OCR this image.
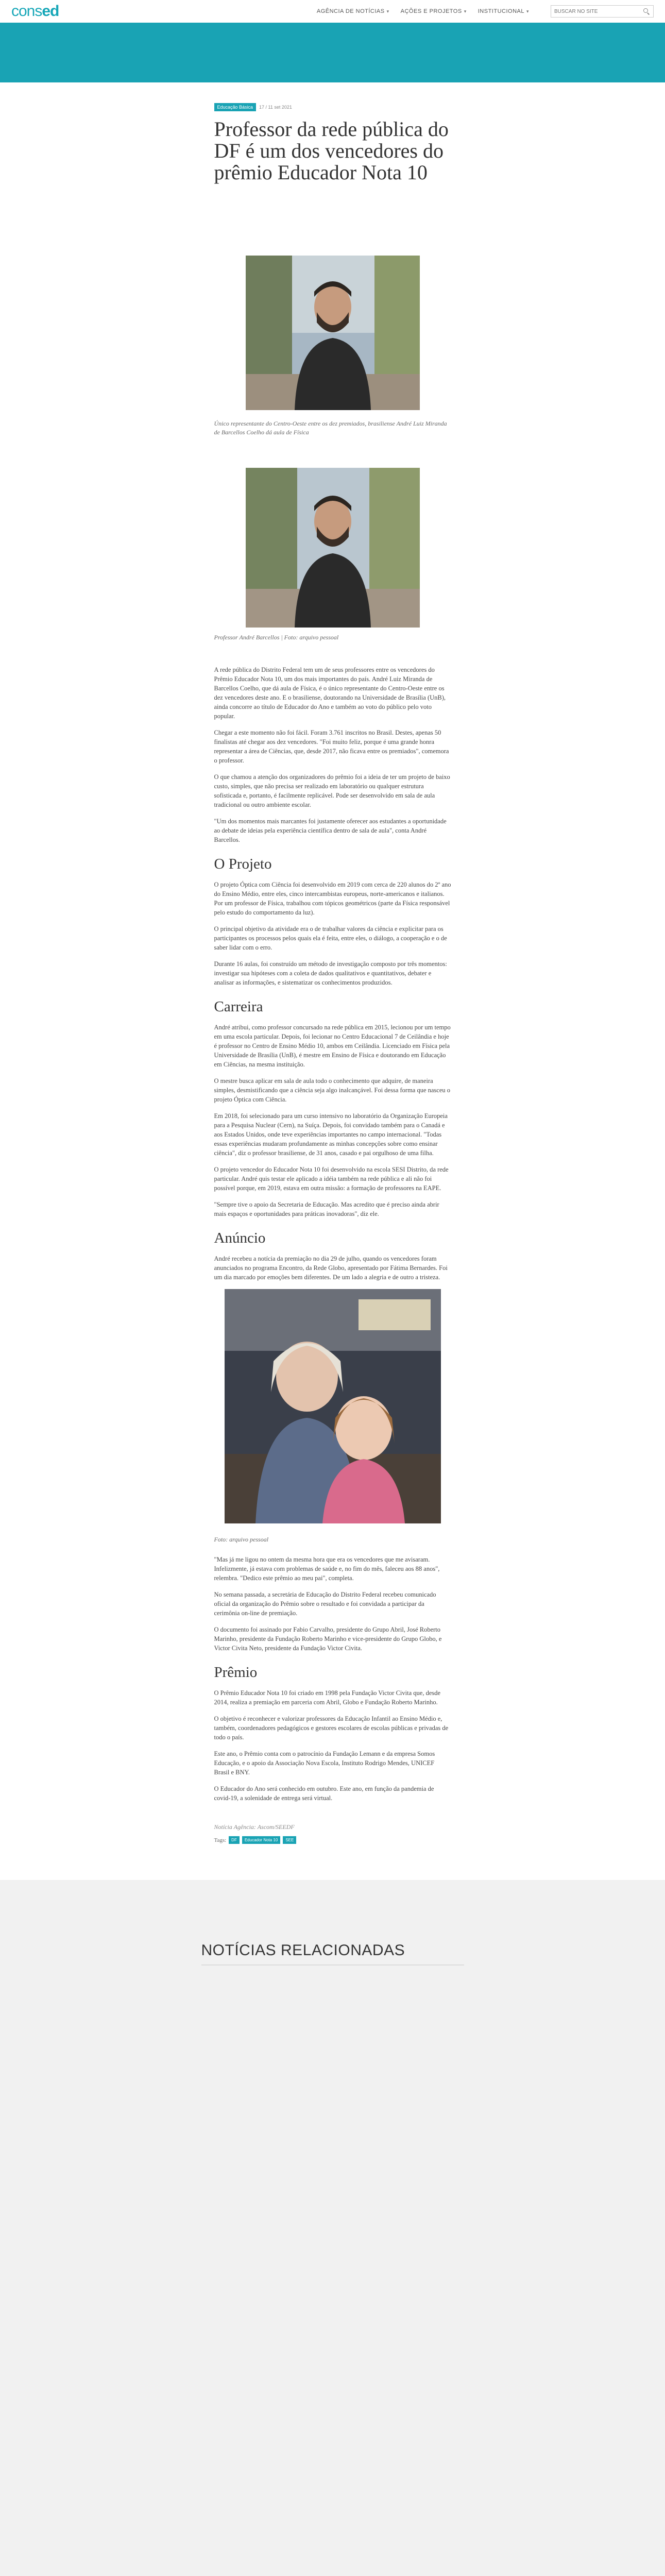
consed	AGÊNCIA DE NOTÍCIAS ▾ AÇÕES E PROJETOS ▾ INSTITUCIONAL ▾
BUSCAR NO SITE
Educação Básica	17 / 11 set 2021
Professor da rede pública do DF é um dos vencedores do prêmio Educador Nota 10

Único representante do Centro-Oeste entre os dez premiados, brasiliense André Luiz Miranda de Barcellos Coelho dá aula de Física

Professor André Barcellos | Foto: arquivo pessoal

A rede pública do Distrito Federal tem um de seus professores entre os vencedores do Prêmio Educador Nota 10, um dos mais importantes do país. André Luiz Miranda de Barcellos Coelho, que dá aula de Física, é o único representante do Centro-Oeste entre os dez vencedores deste ano. E o brasiliense, doutorando na Universidade de Brasília (UnB), ainda concorre ao título de Educador do Ano e também ao voto do público pelo voto popular.

Chegar a este momento não foi fácil. Foram 3.761 inscritos no Brasil. Destes, apenas 50 finalistas até chegar aos dez vencedores. "Foi muito feliz, porque é uma grande honra representar a área de Ciências, que, desde 2017, não ficava entre os premiados", comemora o professor.

O que chamou a atenção dos organizadores do prêmio foi a ideia de ter um projeto de baixo custo, simples, que não precisa ser realizado em laboratório ou qualquer estrutura sofisticada e, portanto, é facilmente replicável. Pode ser desenvolvido em sala de aula tradicional ou outro ambiente escolar.

"Um dos momentos mais marcantes foi justamente oferecer aos estudantes a oportunidade ao debate de ideias pela experiência científica dentro de sala de aula", conta André Barcellos.

O Projeto

O projeto Óptica com Ciência foi desenvolvido em 2019 com cerca de 220 alunos do 2º ano do Ensino Médio, entre eles, cinco intercambistas europeus, norte-americanos e italianos. Por um professor de Física, trabalhou com tópicos geométricos (parte da Física responsável pelo estudo do comportamento da luz).

O principal objetivo da atividade era o de trabalhar valores da ciência e explicitar para os participantes os processos pelos quais ela é feita, entre eles, o diálogo, a cooperação e o de saber lidar com o erro.

Durante 16 aulas, foi construído um método de investigação composto por três momentos: investigar sua hipóteses com a coleta de dados qualitativos e quantitativos, debater e analisar as informações, e sistematizar os conhecimentos produzidos.

Carreira

André atribui, como professor concursado na rede pública em 2015, lecionou por um tempo em uma escola particular. Depois, foi lecionar no Centro Educacional 7 de Ceilândia e hoje é professor no Centro de Ensino Médio 10, ambos em Ceilândia. Licenciado em Física pela Universidade de Brasília (UnB), é mestre em Ensino de Física e doutorando em Educação em Ciências, na mesma instituição.

O mestre busca aplicar em sala de aula todo o conhecimento que adquire, de maneira simples, desmistificando que a ciência seja algo inalcançável. Foi dessa forma que nasceu o projeto Óptica com Ciência.

Em 2018, foi selecionado para um curso intensivo no laboratório da Organização Europeia para a Pesquisa Nuclear (Cern), na Suíça. Depois, foi convidado também para o Canadá e aos Estados Unidos, onde teve experiências importantes no campo internacional. "Todas essas experiências mudaram profundamente as minhas concepções sobre como ensinar ciência", diz o professor brasiliense, de 31 anos, casado e pai orgulhoso de uma filha.

O projeto vencedor do Educador Nota 10 foi desenvolvido na escola SESI Distrito, da rede particular. André quis testar ele aplicado a idéia também na rede pública e ali não foi possível porque, em 2019, estava em outra missão: a formação de professores na EAPE.

"Sempre tive o apoio da Secretaria de Educação. Mas acredito que é preciso ainda abrir mais espaços e oportunidades para práticas inovadoras", diz ele.

Anúncio

André recebeu a notícia da premiação no dia 29 de julho, quando os vencedores foram anunciados no programa Encontro, da Rede Globo, apresentado por Fátima Bernardes. Foi um dia marcado por emoções bem diferentes. De um lado a alegria e de outro a tristeza.

Foto: arquivo pessoal

"Mas já me ligou no ontem da mesma hora que era os vencedores que me avisaram. Infelizmente, já estava com problemas de saúde e, no fim do mês, faleceu aos 88 anos", relembra. "Dedico este prêmio ao meu pai", completa.

No semana passada, a secretária de Educação do Distrito Federal recebeu comunicado oficial da organização do Prêmio sobre o resultado e foi convidada a participar da cerimônia on-line de premiação.

O documento foi assinado por Fabio Carvalho, presidente do Grupo Abril, José Roberto Marinho, presidente da Fundação Roberto Marinho e vice-presidente do Grupo Globo, e Victor Civita Neto, presidente da Fundação Victor Civita.

Prêmio

O Prêmio Educador Nota 10 foi criado em 1998 pela Fundação Victor Civita que, desde 2014, realiza a premiação em parceria com Abril, Globo e Fundação Roberto Marinho.

O objetivo é reconhecer e valorizar professores da Educação Infantil ao Ensino Médio e, também, coordenadores pedagógicos e gestores escolares de escolas públicas e privadas de todo o país.

Este ano, o Prêmio conta com o patrocínio da Fundação Lemann e da empresa Somos Educação, e o apoio da Associação Nova Escola, Instituto Rodrigo Mendes, UNICEF Brasil e BNY.

O Educador do Ano será conhecido em outubro. Este ano, em função da pandemia de covid-19, a solenidade de entrega será virtual.

Notícia Agência: Ascom/SEEDF

Tags:	DF	Educador Nota 10	SEE
NOTÍCIAS RELACIONADAS
